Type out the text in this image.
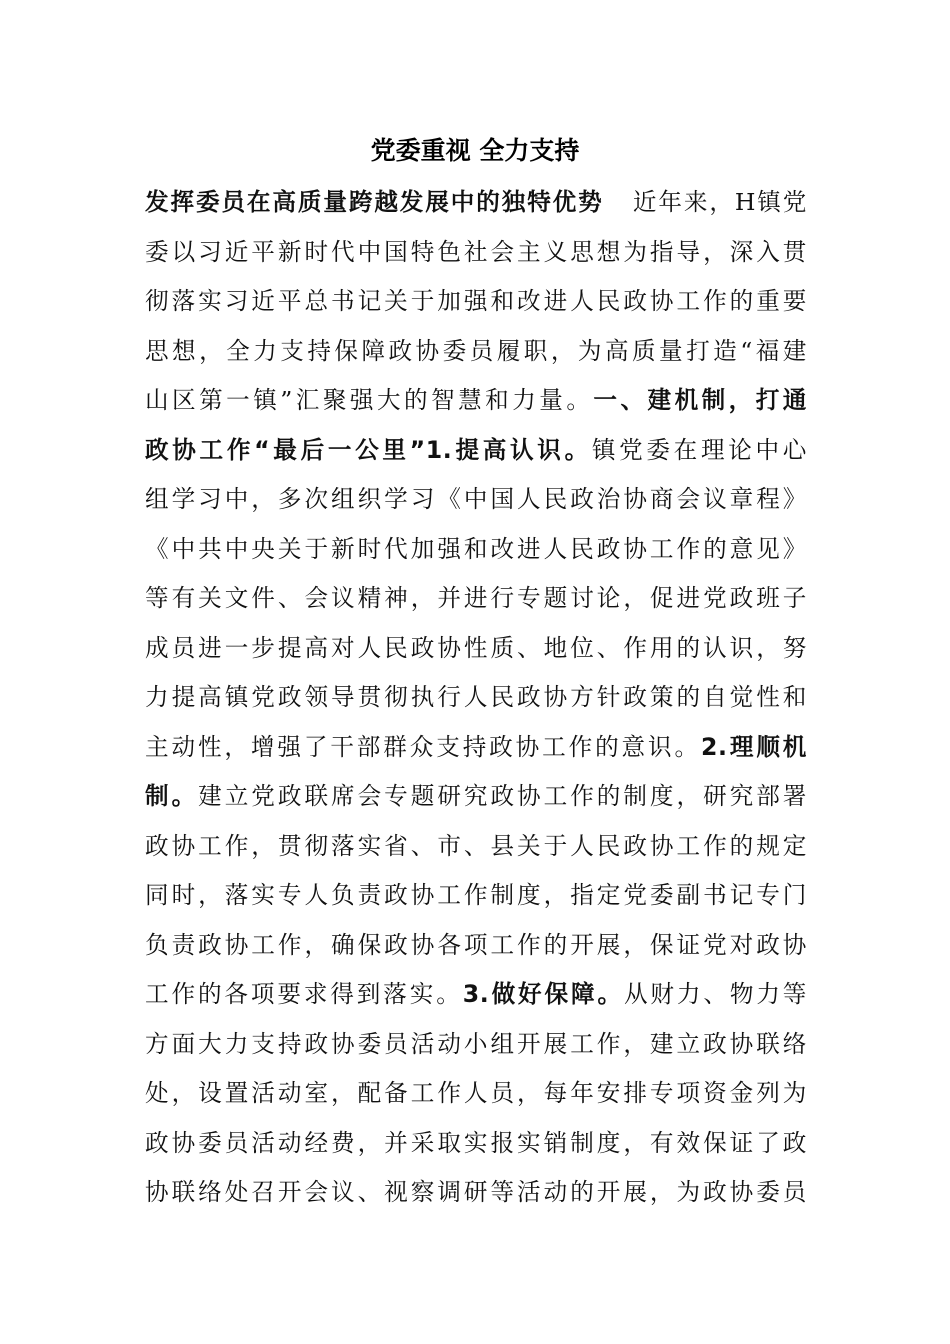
党委重视 全力支持
发挥委员在高质量跨越发展中的独特优势 近年来，H镇党
委以习近平新时代中国特色社会主义思想为指导，深入贯
彻落实习近平总书记关于加强和改进人民政协工作的重要
思想，全力支持保障政协委员履职，为高质量打造“福建
山区第一镇”汇聚强大的智慧和力量。一、建机制，打通
政协工作“最后一公里”1.提高认识。镇党委在理论中心
组学习中，多次组织学习《中国人民政治协商会议章程》
《中共中央关于新时代加强和改进人民政协工作的意见》
等有关文件、会议精神，并进行专题讨论，促进党政班子
成员进一步提高对人民政协性质、地位、作用的认识，努
力提高镇党政领导贯彻执行人民政协方针政策的自觉性和
主动性，增强了干部群众支持政协工作的意识。2.理顺机
制。建立党政联席会专题研究政协工作的制度，研究部署
政协工作，贯彻落实省、市、县关于人民政协工作的规定
同时，落实专人负责政协工作制度，指定党委副书记专门
负责政协工作，确保政协各项工作的开展，保证党对政协
工作的各项要求得到落实。3.做好保障。从财力、物力等
方面大力支持政协委员活动小组开展工作，建立政协联络
处，设置活动室，配备工作人员，每年安排专项资金列为
政协委员活动经费，并采取实报实销制度，有效保证了政
协联络处召开会议、视察调研等活动的开展，为政协委员
